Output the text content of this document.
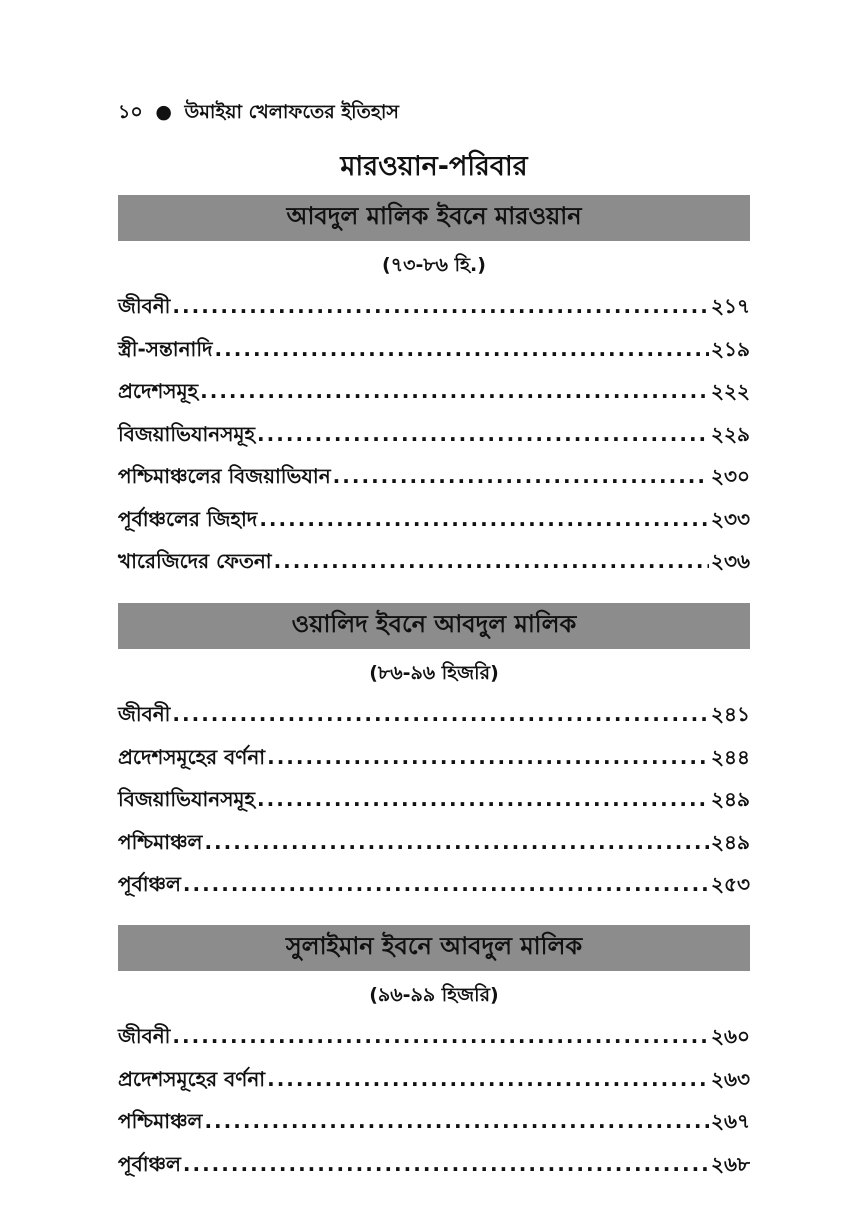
১০ ● উমাইয়া খেলাফতের ইতিহাস
মারওয়ান-পরিবার
আবদুল মালিক ইবনে মারওয়ান
(৭৩-৮৬ হি.)
জীবনী .....	২১৭
স্ত্রী-সন্তানাদি .....	২১৯
প্রদেশসমূহ .....	২২২
বিজয়াভিযানসমূহ .....	২২৯
পশ্চিমাঞ্চলের বিজয়াভিযান .....	২৩০
পূর্বাঞ্চলের জিহাদ .....	২৩৩
খারেজিদের ফেতনা .....	২৩৬
ওয়ালিদ ইবনে আবদুল মালিক
(৮৬-৯৬ হিজরি)
জীবনী .....	২৪১
প্রদেশসমূহের বর্ণনা .....	২৪৪
বিজয়াভিযানসমূহ .....	২৪৯
পশ্চিমাঞ্চল .....	২৪৯
পূর্বাঞ্চল .....	২৫৩
সুলাইমান ইবনে আবদুল মালিক
(৯৬-৯৯ হিজরি)
জীবনী .....	২৬০
প্রদেশসমূহের বর্ণনা .....	২৬৩
পশ্চিমাঞ্চল .....	২৬৭
পূর্বাঞ্চল .....	২৬৮
